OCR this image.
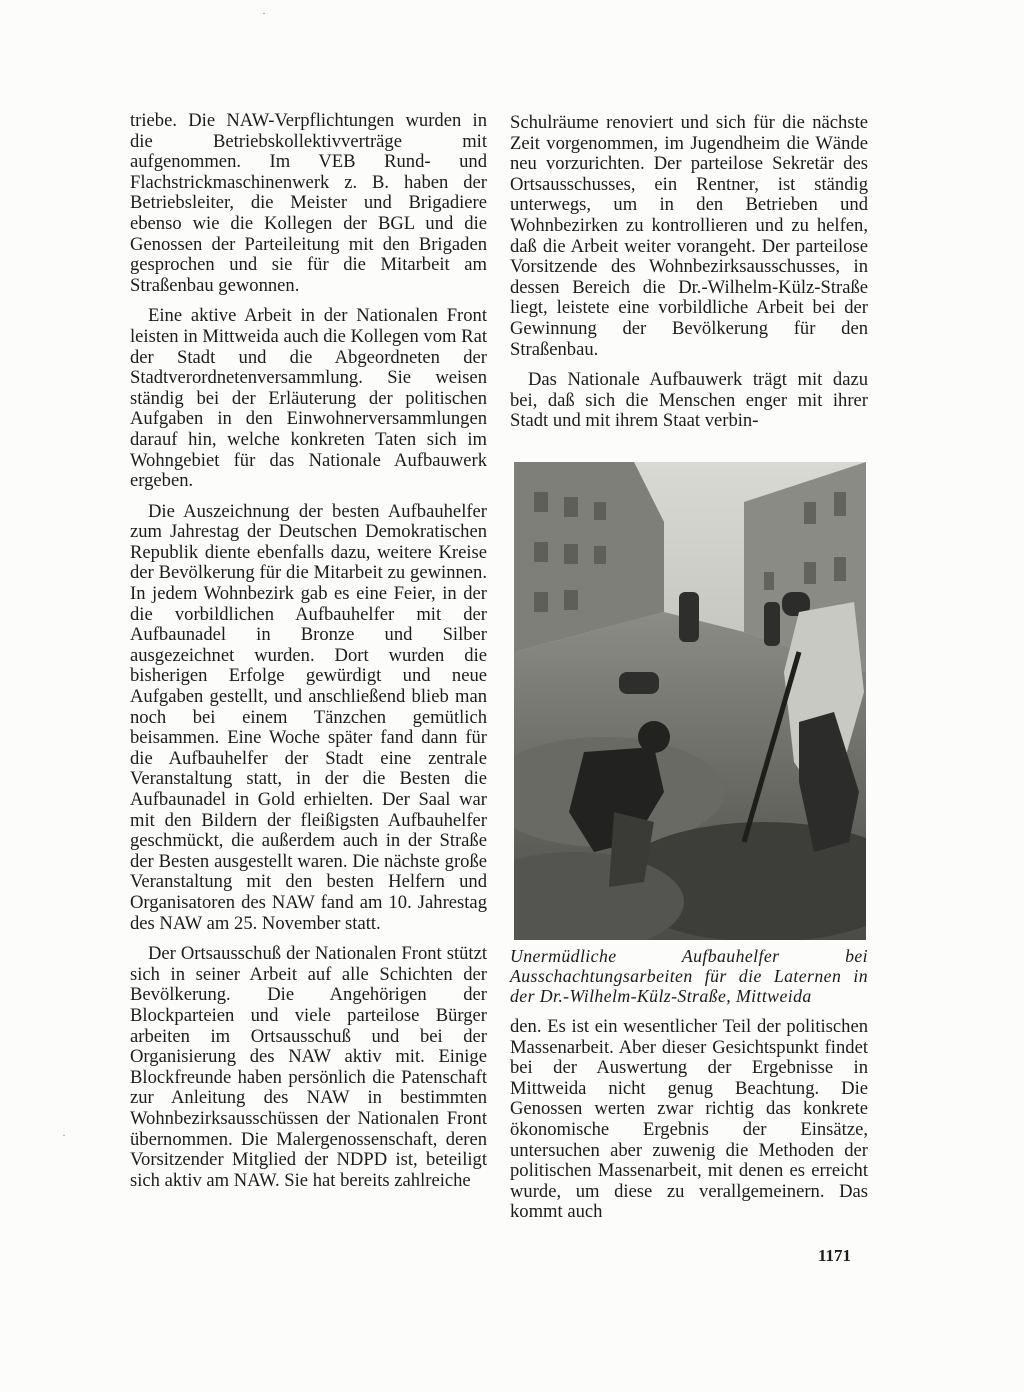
triebe. Die NAW-Verpflichtungen wurden in die Betriebskollektivverträge mit aufgenommen. Im VEB Rund- und Flachstrickmaschinenwerk z. B. haben der Betriebsleiter, die Meister und Brigadiere ebenso wie die Kollegen der BGL und die Genossen der Parteileitung mit den Brigaden gesprochen und sie für die Mitarbeit am Straßenbau gewonnen.

Eine aktive Arbeit in der Nationalen Front leisten in Mittweida auch die Kollegen vom Rat der Stadt und die Abgeordneten der Stadtverordnetenversammlung. Sie weisen ständig bei der Erläuterung der politischen Aufgaben in den Einwohnerversammlungen darauf hin, welche konkreten Taten sich im Wohngebiet für das Nationale Aufbauwerk ergeben.

Die Auszeichnung der besten Aufbauhelfer zum Jahrestag der Deutschen Demokratischen Republik diente ebenfalls dazu, weitere Kreise der Bevölkerung für die Mitarbeit zu gewinnen. In jedem Wohnbezirk gab es eine Feier, in der die vorbildlichen Aufbauhelfer mit der Aufbaunadel in Bronze und Silber ausgezeichnet wurden. Dort wurden die bisherigen Erfolge gewürdigt und neue Aufgaben gestellt, und anschließend blieb man noch bei einem Tänzchen gemütlich beisammen. Eine Woche später fand dann für die Aufbauhelfer der Stadt eine zentrale Veranstaltung statt, in der die Besten die Aufbaunadel in Gold erhielten. Der Saal war mit den Bildern der fleißigsten Aufbauhelfer geschmückt, die außerdem auch in der Straße der Besten ausgestellt waren. Die nächste große Veranstaltung mit den besten Helfern und Organisatoren des NAW fand am 10. Jahrestag des NAW am 25. November statt.

Der Ortsausschuß der Nationalen Front stützt sich in seiner Arbeit auf alle Schichten der Bevölkerung. Die Angehörigen der Blockparteien und viele parteilose Bürger arbeiten im Ortsausschuß und bei der Organisierung des NAW aktiv mit. Einige Blockfreunde haben persönlich die Patenschaft zur Anleitung des NAW in bestimmten Wohnbezirksausschüssen der Nationalen Front übernommen. Die Malergenossenschaft, deren Vorsitzender Mitglied der NDPD ist, beteiligt sich aktiv am NAW. Sie hat bereits zahlreiche

Schulräume renoviert und sich für die nächste Zeit vorgenommen, im Jugendheim die Wände neu vorzurichten. Der parteilose Sekretär des Ortsausschusses, ein Rentner, ist ständig unterwegs, um in den Betrieben und Wohnbezirken zu kontrollieren und zu helfen, daß die Arbeit weiter vorangeht. Der parteilose Vorsitzende des Wohnbezirksausschusses, in dessen Bereich die Dr.-Wilhelm-Külz-Straße liegt, leistete eine vorbildliche Arbeit bei der Gewinnung der Bevölkerung für den Straßenbau.

Das Nationale Aufbauwerk trägt mit dazu bei, daß sich die Menschen enger mit ihrer Stadt und mit ihrem Staat verbin-

Unermüdliche Aufbauhelfer bei Ausschachtungsarbeiten für die Laternen in der Dr.-Wilhelm-Külz-Straße, Mittweida

den. Es ist ein wesentlicher Teil der politischen Massenarbeit. Aber dieser Gesichtspunkt findet bei der Auswertung der Ergebnisse in Mittweida nicht genug Beachtung. Die Genossen werten zwar richtig das konkrete ökonomische Ergebnis der Einsätze, untersuchen aber zuwenig die Methoden der politischen Massenarbeit, mit denen es erreicht wurde, um diese zu verallgemeinern. Das kommt auch

1171
·
·
